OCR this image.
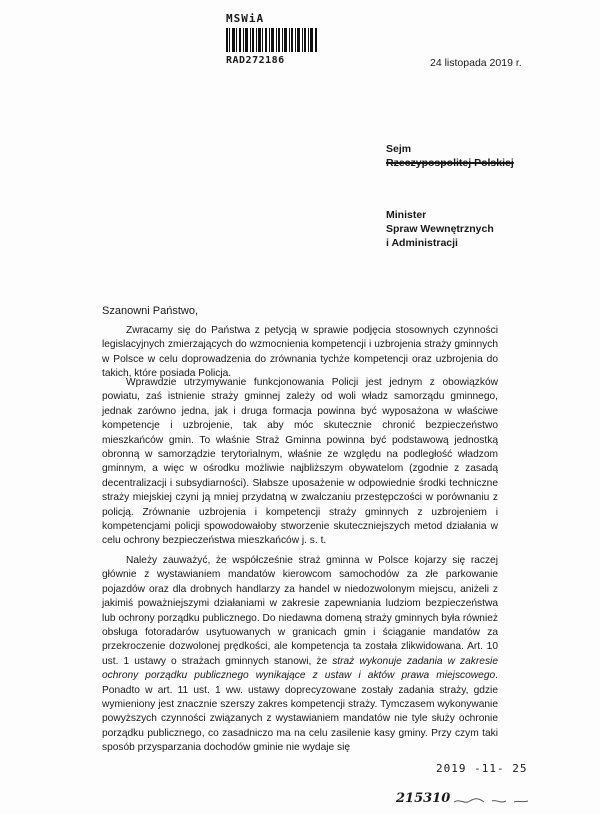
MSWiA
RAD272186	24 listopada 2019 r.
Sejm
Rzeczypospolitej Polskiej
Minister
Spraw Wewnętrznych
i Administracji
Szanowni Państwo,
Zwracamy się do Państwa z petycją w sprawie podjęcia stosownych czynności legislacyjnych zmierzających do wzmocnienia kompetencji i uzbrojenia straży gminnych w Polsce w celu doprowadzenia do zrównania tychże kompetencji oraz uzbrojenia do takich, które posiada Policja.
Wprawdzie utrzymywanie funkcjonowania Policji jest jednym z obowiązków powiatu, zaś istnienie straży gminnej zależy od woli władz samorządu gminnego, jednak zarówno jedna, jak i druga formacja powinna być wyposażona w właściwe kompetencje i uzbrojenie, tak aby móc skutecznie chronić bezpieczeństwo mieszkańców gmin. To właśnie Straż Gminna powinna być podstawową jednostką obronną w samorządzie terytorialnym, właśnie ze względu na podległość władzom gminnym, a więc w ośrodku możliwie najbliższym obywatelom (zgodnie z zasadą decentralizacji i subsydiarności). Słabsze uposażenie w odpowiednie środki techniczne straży miejskiej czyni ją mniej przydatną w zwalczaniu przestępczości w porównaniu z policją. Zrównanie uzbrojenia i kompetencji straży gminnych z uzbrojeniem i kompetencjami policji spowodowałoby stworzenie skuteczniejszych metod działania w celu ochrony bezpieczeństwa mieszkańców j. s. t.
Należy zauważyć, że współcześnie straż gminna w Polsce kojarzy się raczej głównie z wystawianiem mandatów kierowcom samochodów za złe parkowanie pojazdów oraz dla drobnych handlarzy za handel w niedozwolonym miejscu, aniżeli z jakimiś poważniejszymi działaniami w zakresie zapewniania ludziom bezpieczeństwa lub ochrony porządku publicznego. Do niedawna domeną straży gminnych była również obsługa fotoradarów usytuowanych w granicach gmin i ściąganie mandatów za przekroczenie dozwolonej prędkości, ale kompetencja ta została zlikwidowana. Art. 10 ust. 1 ustawy o strażach gminnych stanowi, że straż wykonuje zadania w zakresie ochrony porządku publicznego wynikające z ustaw i aktów prawa miejscowego. Ponadto w art. 11 ust. 1 ww. ustawy doprecyzowane zostały zadania straży, gdzie wymieniony jest znacznie szerszy zakres kompetencji straży. Tymczasem wykonywanie powyższych czynności związanych z wystawianiem mandatów nie tyle służy ochronie porządku publicznego, co zasadniczo ma na celu zasilenie kasy gminy. Przy czym taki sposób przysparzania dochodów gminie nie wydaje się
2019 -11- 25
215310
